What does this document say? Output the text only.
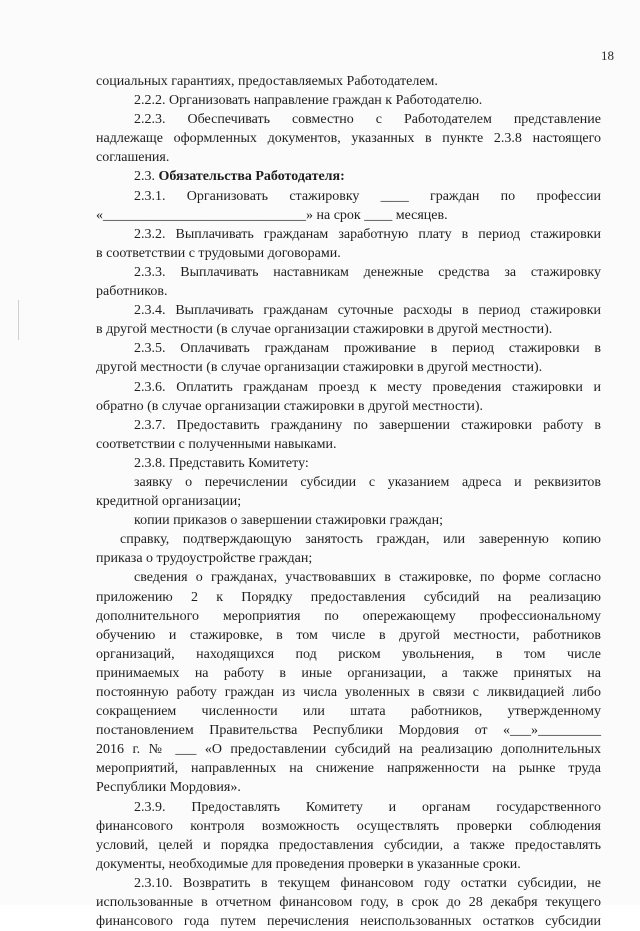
18
социальных гарантиях, предоставляемых Работодателем.
2.2.2. Организовать направление граждан к Работодателю.
2.2.3. Обеспечивать совместно с Работодателем представление
надлежаще оформленных документов, указанных в пункте 2.3.8 настоящего
соглашения.
2.3. Обязательства Работодателя:
2.3.1. Организовать стажировку ____ граждан по профессии
«_____________________________» на срок ____ месяцев.
2.3.2. Выплачивать гражданам заработную плату в период стажировки
в соответствии с трудовыми договорами.
2.3.3. Выплачивать наставникам денежные средства за стажировку
работников.
2.3.4. Выплачивать гражданам суточные расходы в период стажировки
в другой местности (в случае организации стажировки в другой местности).
2.3.5. Оплачивать гражданам проживание в период стажировки в
другой местности (в случае организации стажировки в другой местности).
2.3.6. Оплатить гражданам проезд к месту проведения стажировки и
обратно (в случае организации стажировки в другой местности).
2.3.7. Предоставить гражданину по завершении стажировки работу в
соответствии с полученными навыками.
2.3.8. Представить Комитету:
заявку о перечислении субсидии с указанием адреса и реквизитов
кредитной организации;
копии приказов о завершении стажировки граждан;
справку, подтверждающую занятость граждан, или заверенную копию
приказа о трудоустройстве граждан;
сведения о гражданах, участвовавших в стажировке, по форме согласно
приложению 2 к Порядку предоставления субсидий на реализацию
дополнительного мероприятия по опережающему профессиональному
обучению и стажировке, в том числе в другой местности, работников
организаций, находящихся под риском увольнения, в том числе
принимаемых на работу в иные организации, а также принятых на
постоянную работу граждан из числа уволенных в связи с ликвидацией либо
сокращением численности или штата работников, утвержденному
постановлением Правительства Республики Мордовия от «___»_________
2016 г. № ___ «О предоставлении субсидий на реализацию дополнительных
мероприятий, направленных на снижение напряженности на рынке труда
Республики Мордовия».
2.3.9. Предоставлять Комитету и органам государственного
финансового контроля возможность осуществлять проверки соблюдения
условий, целей и порядка предоставления субсидии, а также предоставлять
документы, необходимые для проведения проверки в указанные сроки.
2.3.10. Возвратить в текущем финансовом году остатки субсидии, не
использованные в отчетном финансовом году, в срок до 28 декабря текущего
финансового года путем перечисления неиспользованных остатков субсидии
